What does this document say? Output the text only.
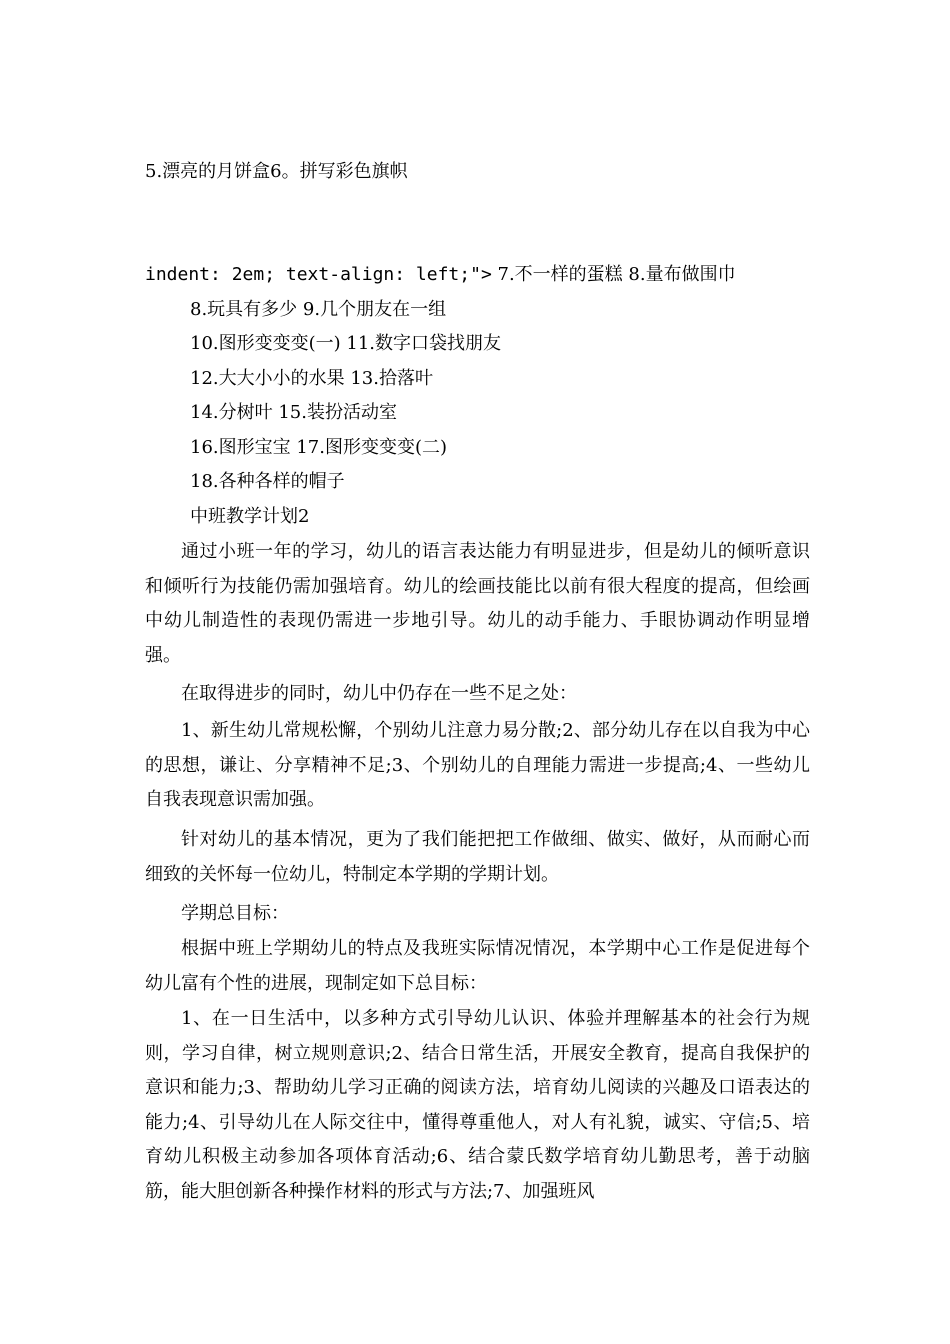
5.漂亮的月饼盒6。拼写彩色旗帜
indent: 2em; text-align: left;"> 7.不一样的蛋糕 8.量布做围巾
8.玩具有多少 9.几个朋友在一组
10.图形变变变(一) 11.数字口袋找朋友
12.大大小小的水果 13.拾落叶
14.分树叶 15.装扮活动室
16.图形宝宝 17.图形变变变(二)
18.各种各样的帽子
中班教学计划2
通过小班一年的学习，幼儿的语言表达能力有明显进步，但是幼儿的倾听意识和倾听行为技能仍需加强培育。幼儿的绘画技能比以前有很大程度的提高，但绘画中幼儿制造性的表现仍需进一步地引导。幼儿的动手能力、手眼协调动作明显增强。
在取得进步的同时，幼儿中仍存在一些不足之处：
1、新生幼儿常规松懈，个别幼儿注意力易分散;2、部分幼儿存在以自我为中心的思想，谦让、分享精神不足;3、个别幼儿的自理能力需进一步提高;4、一些幼儿自我表现意识需加强。
针对幼儿的基本情况，更为了我们能把把工作做细、做实、做好，从而耐心而细致的关怀每一位幼儿，特制定本学期的学期计划。
学期总目标：
根据中班上学期幼儿的特点及我班实际情况情况，本学期中心工作是促进每个幼儿富有个性的进展，现制定如下总目标：
1、在一日生活中，以多种方式引导幼儿认识、体验并理解基本的社会行为规则，学习自律，树立规则意识;2、结合日常生活，开展安全教育，提高自我保护的意识和能力;3、帮助幼儿学习正确的阅读方法，培育幼儿阅读的兴趣及口语表达的能力;4、引导幼儿在人际交往中，懂得尊重他人，对人有礼貌，诚实、守信;5、培育幼儿积极主动参加各项体育活动;6、结合蒙氏数学培育幼儿勤思考，善于动脑筋，能大胆创新各种操作材料的形式与方法;7、加强班风
